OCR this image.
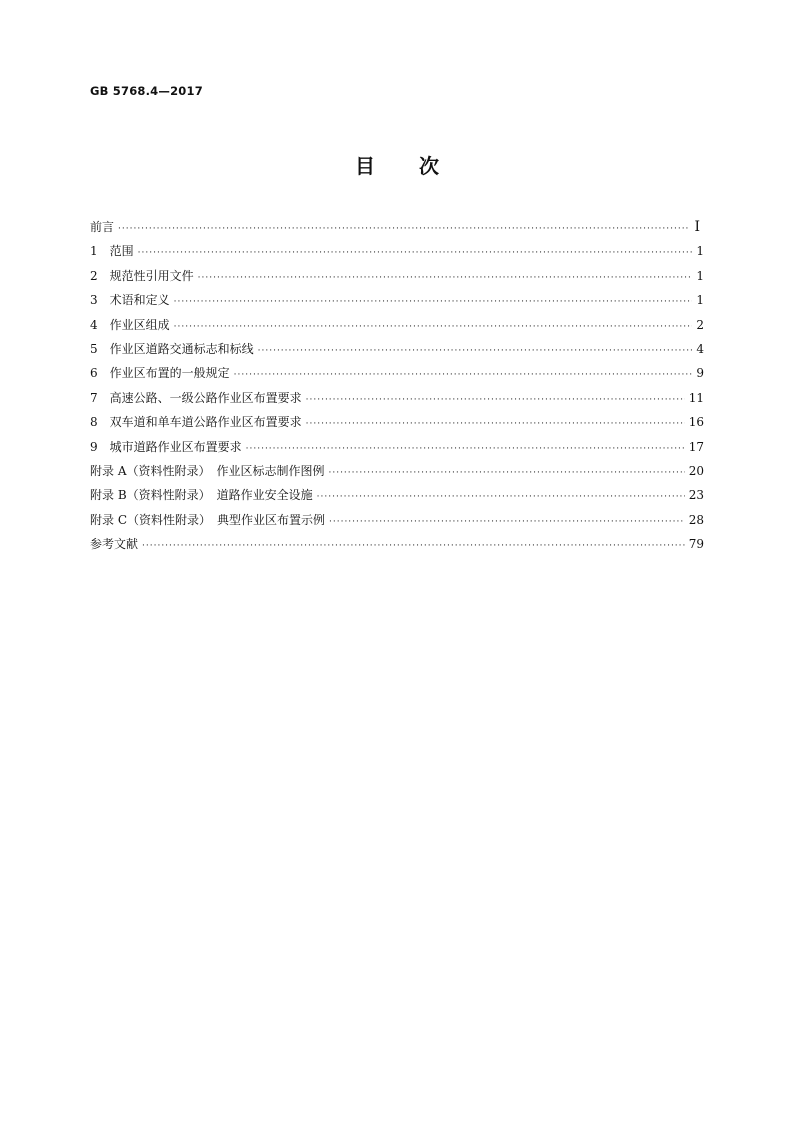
GB 5768.4—2017
目次
前言 ·····	Ⅰ
1　范围 ·····	1
2　规范性引用文件 ·····	1
3　术语和定义 ·····	1
4　作业区组成 ·····	2
5　作业区道路交通标志和标线 ·····	4
6　作业区布置的一般规定 ·····	9
7　高速公路、一级公路作业区布置要求 ·····	11
8　双车道和单车道公路作业区布置要求 ·····	16
9　城市道路作业区布置要求 ·····	17
附录 A（资料性附录）　作业区标志制作图例 ·····	20
附录 B（资料性附录）　道路作业安全设施 ·····	23
附录 C（资料性附录）　典型作业区布置示例 ·····	28
参考文献 ·····	79
